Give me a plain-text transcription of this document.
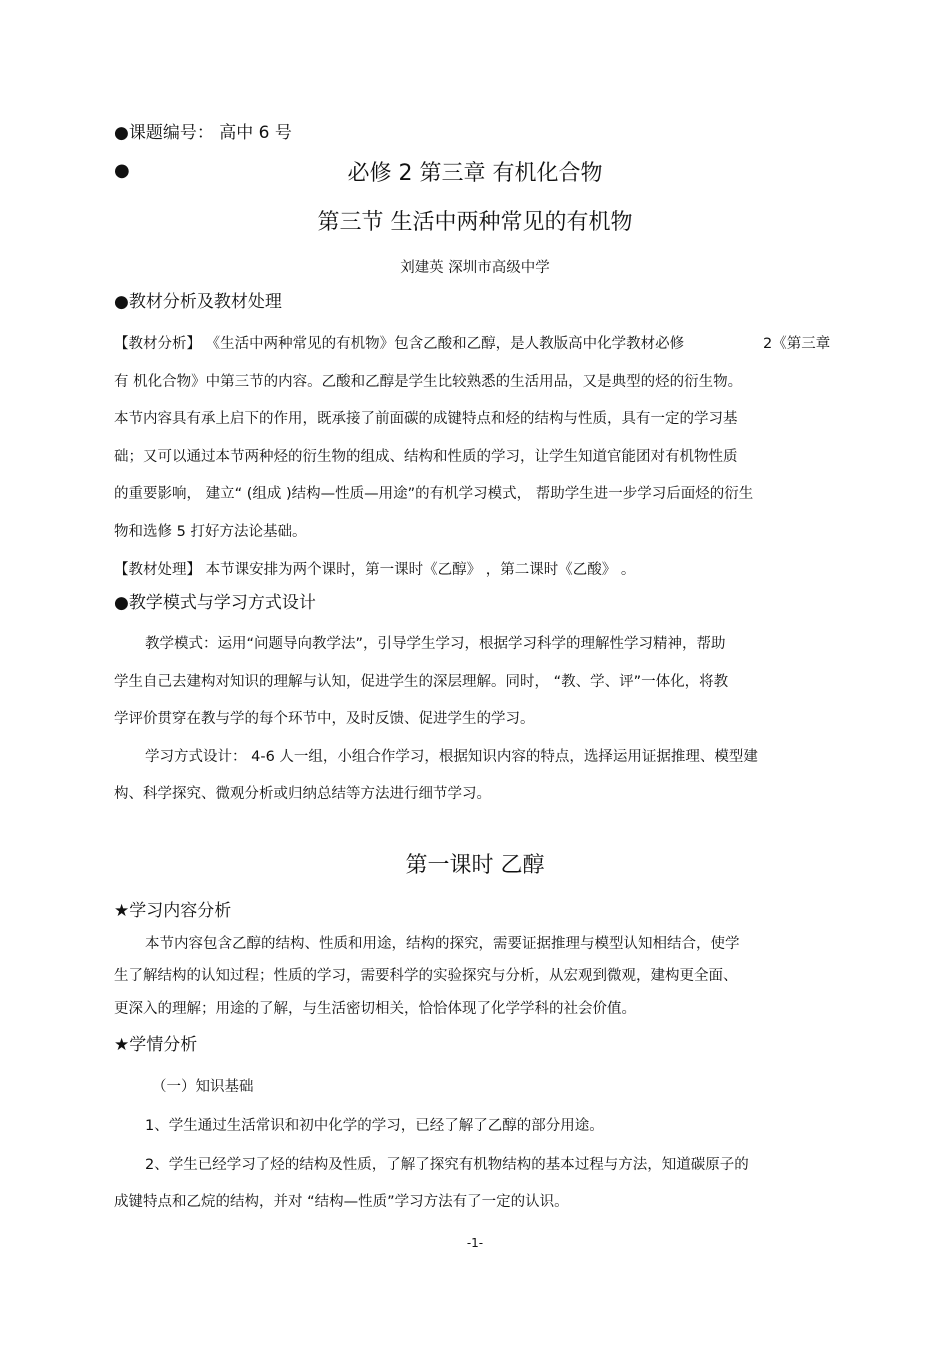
●课题编号： 高中 6 号
●	必修 2 第三章 有机化合物
第三节 生活中两种常见的有机物
刘建英 深圳市高级中学
●教材分析及教材处理
【教材分析】 《生活中两种常见的有机物》包含乙酸和乙醇，是人教版高中化学教材必修	2《第三章
有 机化合物》中第三节的内容。乙酸和乙醇是学生比较熟悉的生活用品，又是典型的烃的衍生物。
本节内容具有承上启下的作用，既承接了前面碳的成键特点和烃的结构与性质，具有一定的学习基
础；又可以通过本节两种烃的衍生物的组成、结构和性质的学习，让学生知道官能团对有机物性质
的重要影响， 建立“ (组成 )结构—性质—用途”的有机学习模式， 帮助学生进一步学习后面烃的衍生
物和选修 5 打好方法论基础。
【教材处理】 本节课安排为两个课时，第一课时《乙醇》 ，第二课时《乙酸》 。
●教学模式与学习方式设计
教学模式：运用“问题导向教学法”，引导学生学习，根据学习科学的理解性学习精神，帮助
学生自己去建构对知识的理解与认知，促进学生的深层理解。同时， “教、学、评”一体化，将教
学评价贯穿在教与学的每个环节中，及时反馈、促进学生的学习。
学习方式设计： 4-6 人一组，小组合作学习，根据知识内容的特点，选择运用证据推理、模型建
构、科学探究、微观分析或归纳总结等方法进行细节学习。
第一课时 乙醇
★学习内容分析
本节内容包含乙醇的结构、性质和用途，结构的探究，需要证据推理与模型认知相结合，使学
生了解结构的认知过程；性质的学习，需要科学的实验探究与分析，从宏观到微观，建构更全面、
更深入的理解；用途的了解，与生活密切相关，恰恰体现了化学学科的社会价值。
★学情分析
（一）知识基础
1、学生通过生活常识和初中化学的学习，已经了解了乙醇的部分用途。
2、学生已经学习了烃的结构及性质，了解了探究有机物结构的基本过程与方法，知道碳原子的
成键特点和乙烷的结构，并对 “结构—性质”学习方法有了一定的认识。
-1-
